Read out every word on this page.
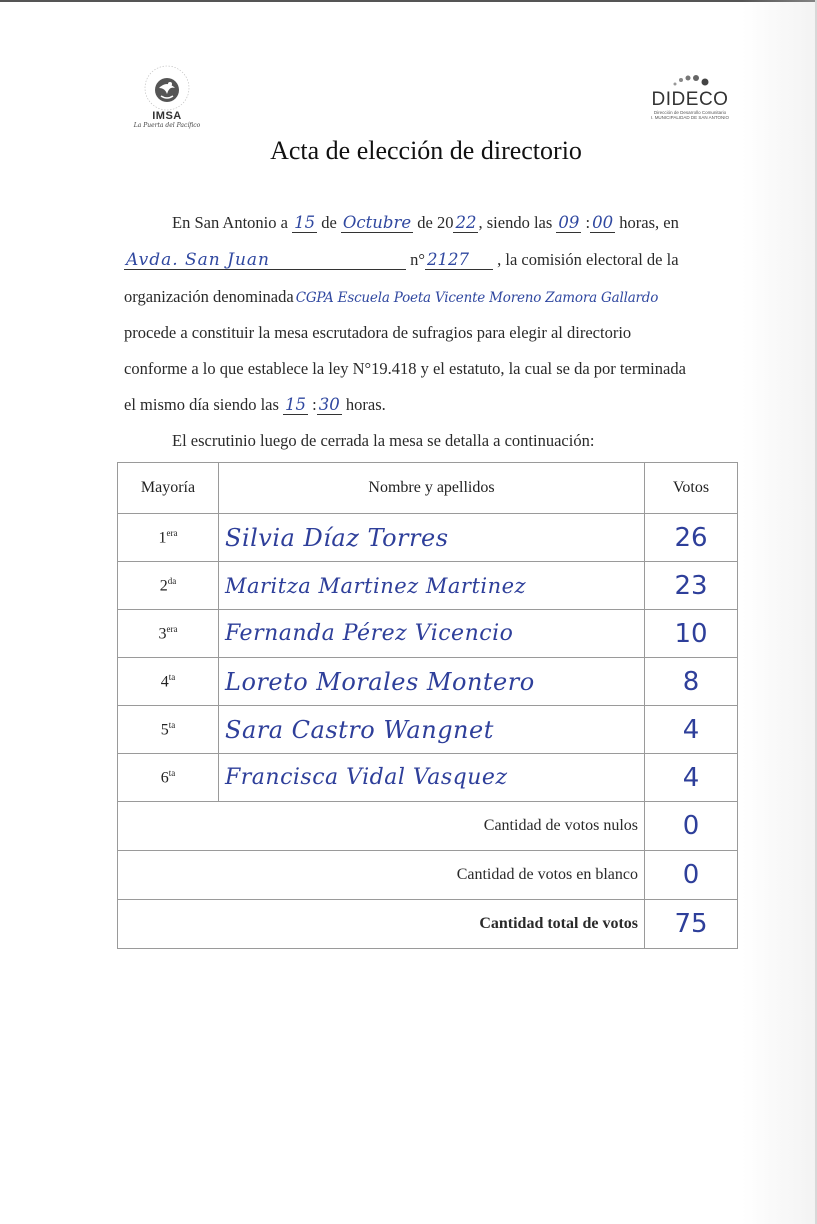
IMSA
La Puerta del Pacífico
DIDECO
Dirección de Desarrollo Comunitario
I. MUNICIPALIDAD DE SAN ANTONIO
Acta de elección de directorio
En San Antonio a 15 de Octubre de 20 22 , siendo las 09 : 00 horas, en
Avda. San Juan	n° 2127 , la comisión electoral de la
organización denominada CGPA Escuela Poeta Vicente Moreno Zamora Gallardo
procede a constituir la mesa escrutadora de sufragios para elegir al directorio
conforme a lo que establece la ley N°19.418 y el estatuto, la cual se da por terminada
el mismo día siendo las 15 : 30 horas.
El escrutinio luego de cerrada la mesa se detalla a continuación:
Mayoría	Nombre y apellidos	Votos
$1^{era}$	Silvia Díaz Torres	26
$2^{da}$	Maritza Martinez Martinez	23
$3^{era}$	Fernanda Pérez Vicencio	10
$4^{ta}$	Loreto Morales Montero	8
$5^{ta}$	Sara Castro Wangnet	4
$6^{ta}$	Francisca Vidal Vasquez	4
Cantidad de votos nulos		0
Cantidad de votos en blanco		0
Cantidad total de votos		75
